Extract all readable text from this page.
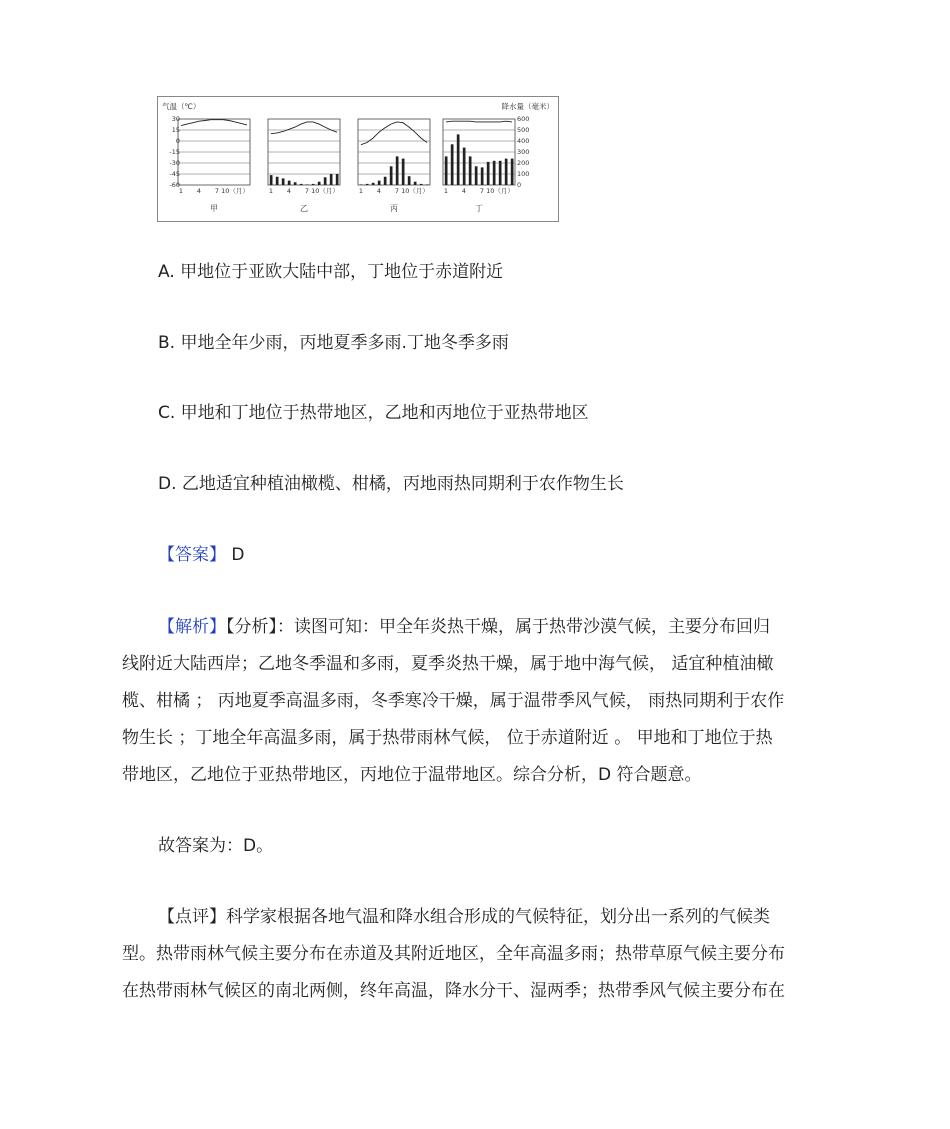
气温（℃）	降水量（毫米）
30
15
0
-15
-30
-45
-60
600
500
400
300
200
100
0
1 4 7 10（月）
甲
1 4 7 10（月）
乙
1 4 7 10（月）
丙
1 4 7 10（月）
丁
A. 甲地位于亚欧大陆中部，丁地位于赤道附近
B. 甲地全年少雨，丙地夏季多雨.丁地冬季多雨
C. 甲地和丁地位于热带地区，乙地和丙地位于亚热带地区
D. 乙地适宜种植油橄榄、柑橘，丙地雨热同期利于农作物生长
【答案】 D
【解析】【分析】：读图可知：甲全年炎热干燥，属于热带沙漠气候，主要分布回归
线附近大陆西岸；乙地冬季温和多雨，夏季炎热干燥，属于地中海气候， 适宜种植油橄
榄、柑橘 ； 丙地夏季高温多雨，冬季寒冷干燥，属于温带季风气候， 雨热同期利于农作
物生长 ；丁地全年高温多雨，属于热带雨林气候， 位于赤道附近 。 甲地和丁地位于热
带地区，乙地位于亚热带地区，丙地位于温带地区。综合分析，D 符合题意。
故答案为：D。
【点评】科学家根据各地气温和降水组合形成的气候特征，划分出一系列的气候类
型。热带雨林气候主要分布在赤道及其附近地区，全年高温多雨；热带草原气候主要分布
在热带雨林气候区的南北两侧，终年高温，降水分干、湿两季；热带季风气候主要分布在
